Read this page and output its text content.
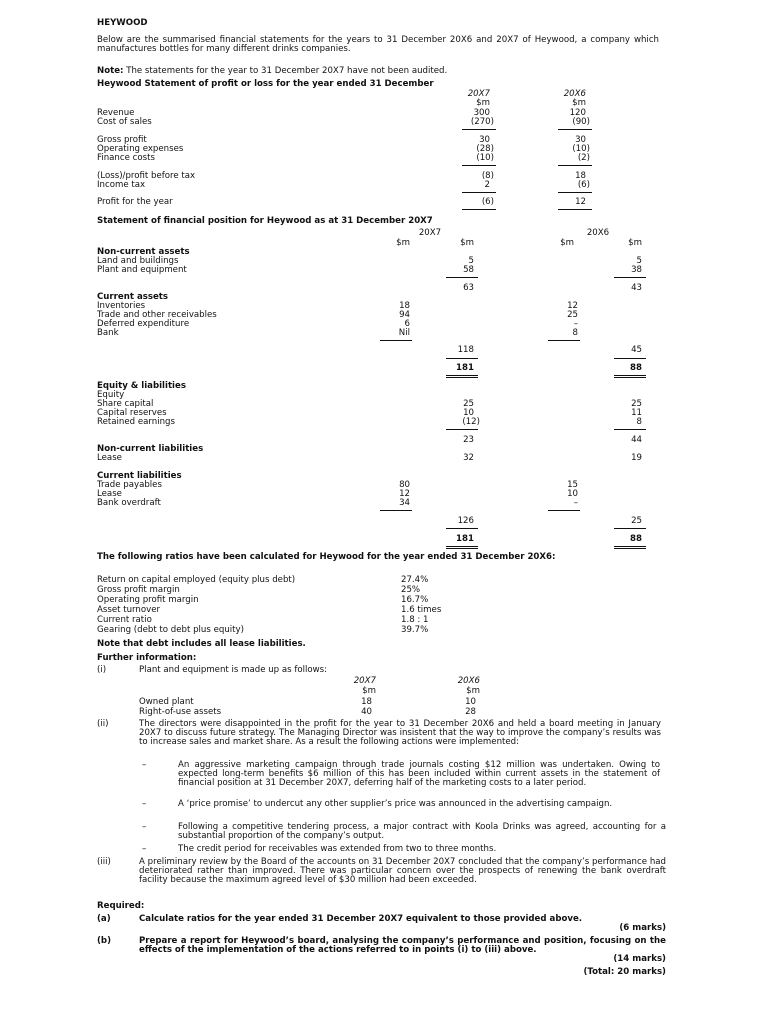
HEYWOOD
Below are the summarised financial statements for the years to 31 December 20X6 and 20X7 of Heywood, a company which manufactures bottles for many different drinks companies.
Note: The statements for the year to 31 December 20X7 have not been audited.
Heywood Statement of profit or loss for the year ended 31 December
20X7	20X6
$m	$m
Revenue	300	120
Cost of sales	(270)	(90)
Gross profit	30	30
Operating expenses	(28)	(10)
Finance costs	(10)	(2)
(Loss)/profit before tax	(8)	18
Income tax	2	(6)
Profit for the year	(6)	12
Statement of financial position for Heywood as at 31 December 20X7
20X7	20X6
$m	$m	$m	$m
Non-current assets
Land and buildings	5	5
Plant and equipment	58	38
63	43
Current assets
Inventories	18	12
Trade and other receivables	94	25
Deferred expenditure	6	–
Bank	Nil	8
118	45
181	88
Equity & liabilities
Equity
Share capital	25	25
Capital reserves	10	11
Retained earnings	(12)	8
23	44
Non-current liabilities
Lease	32	19
Current liabilities
Trade payables	80	15
Lease	12	10
Bank overdraft	34	–
126	25
181	88
The following ratios have been calculated for Heywood for the year ended 31 December 20X6:
Return on capital employed (equity plus debt)	27.4%
Gross profit margin	25%
Operating profit margin	16.7%
Asset turnover	1.6 times
Current ratio	1.8 : 1
Gearing (debt to debt plus equity)	39.7%
Note that debt includes all lease liabilities.
Further information:
(i)	Plant and equipment is made up as follows:
20X7	20X6
$m	$m
Owned plant	18	10
Right-of-use assets	40	28
(ii)	The directors were disappointed in the profit for the year to 31 December 20X6 and held a board meeting in January 20X7 to discuss future strategy. The Managing Director was insistent that the way to improve the company’s results was to increase sales and market share. As a result the following actions were implemented:
–	An aggressive marketing campaign through trade journals costing $12 million was undertaken. Owing to expected long-term benefits $6 million of this has been included within current assets in the statement of financial position at 31 December 20X7, deferring half of the marketing costs to a later period.
–	A ‘price promise’ to undercut any other supplier’s price was announced in the advertising campaign.
–	Following a competitive tendering process, a major contract with Koola Drinks was agreed, accounting for a substantial proportion of the company’s output.
–	The credit period for receivables was extended from two to three months.
(iii)	A preliminary review by the Board of the accounts on 31 December 20X7 concluded that the company’s performance had deteriorated rather than improved. There was particular concern over the prospects of renewing the bank overdraft facility because the maximum agreed level of $30 million had been exceeded.
Required:
(a)	Calculate ratios for the year ended 31 December 20X7 equivalent to those provided above.
(6 marks)
(b)	Prepare a report for Heywood’s board, analysing the company’s performance and position, focusing on the effects of the implementation of the actions referred to in points (i) to (iii) above.
(14 marks)
(Total: 20 marks)
